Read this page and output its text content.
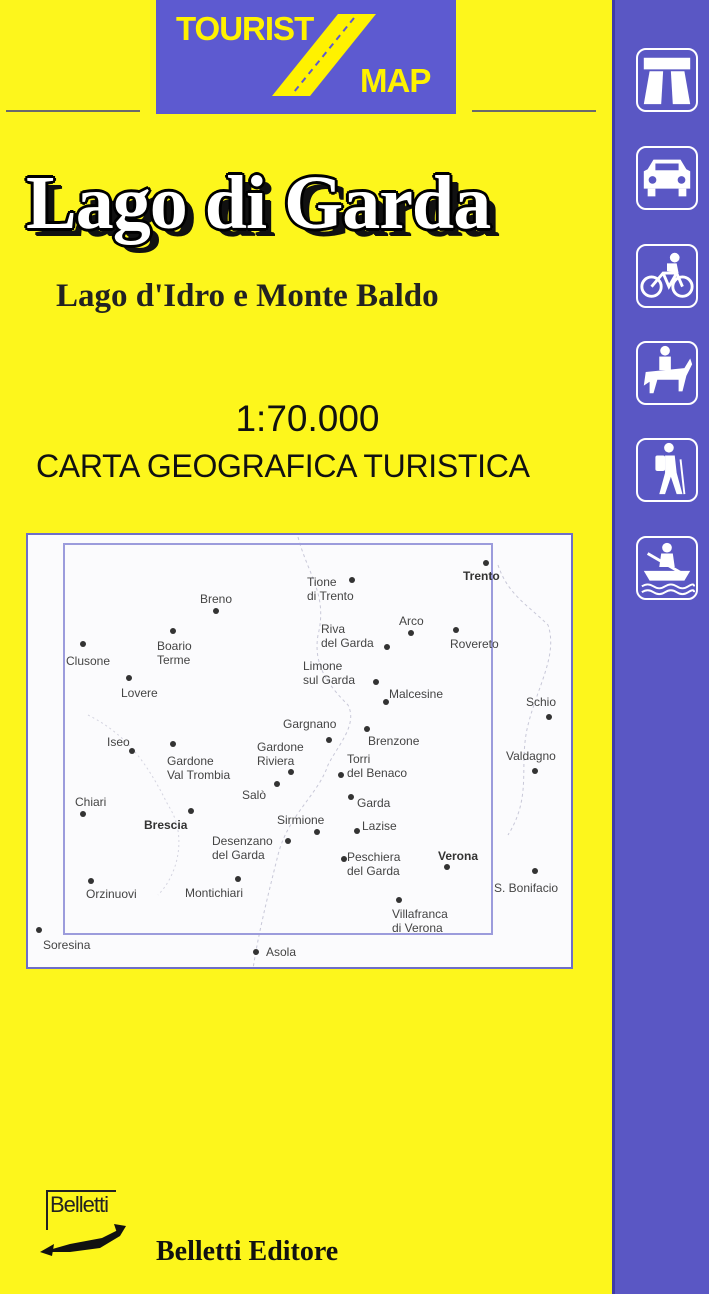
TOURIST
MAP
Lago di Garda
Lago d'Idro e Monte Baldo
1:70.000
CARTA GEOGRAFICA TURISTICA
Tione
di Trento
Trento
Breno
Arco
Riva
del Garda	Rovereto
Boario
Terme
Clusone	Limone
sul Garda
Malcesine
Lovere
Schio
Gargnano
Brenzone
Iseo
Gardone
Val Trombia
Gardone
Riviera	Torri
del Benaco
Valdagno
Salò
Garda
Chiari
Brescia	Sirmione	Lazise
Desenzano
del Garda	Peschiera
del Garda
Verona
Orzinuovi	Montichiari	S. Bonifacio
Villafranca
di Verona
Soresina	Asola
Belletti
Belletti Editore
